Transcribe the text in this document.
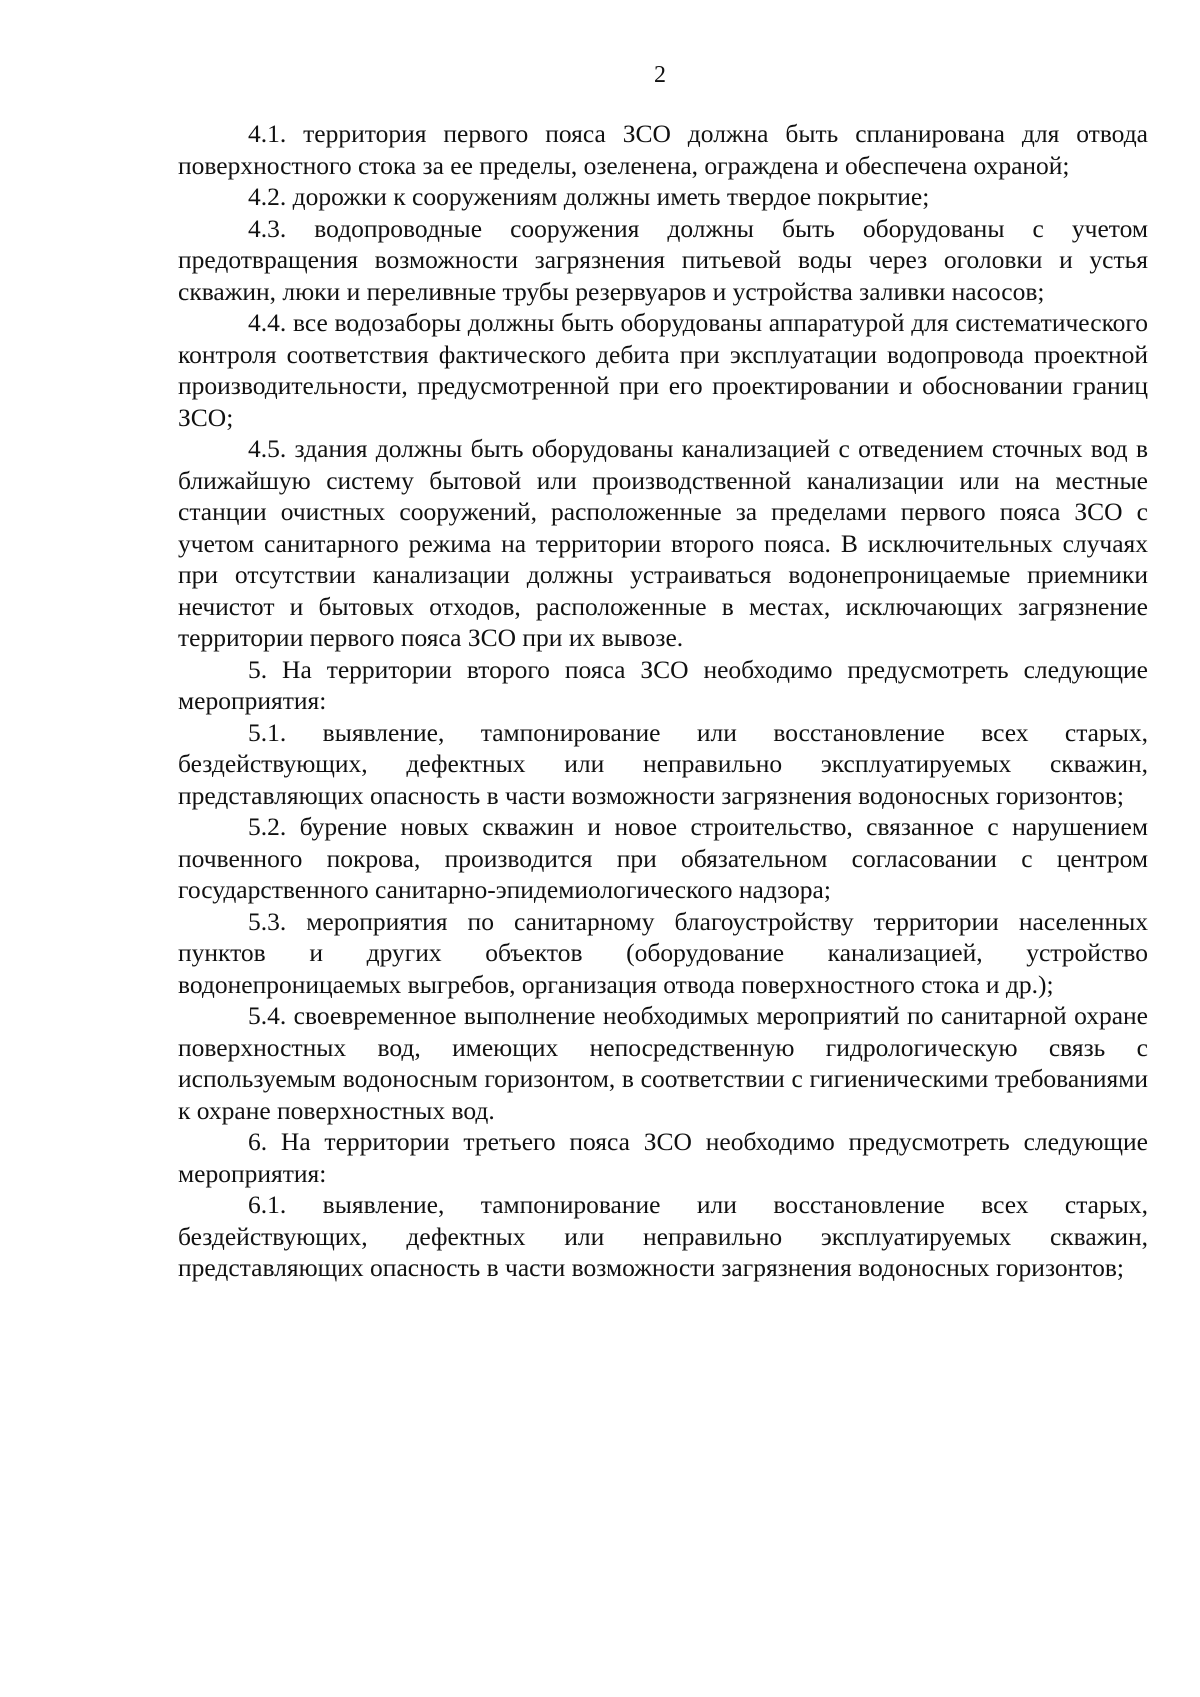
2

4.1. территория первого пояса ЗСО должна быть спланирована для отвода поверхностного стока за ее пределы, озеленена, ограждена и обеспечена охраной;

4.2. дорожки к сооружениям должны иметь твердое покрытие;

4.3. водопроводные сооружения должны быть оборудованы с учетом предотвращения возможности загрязнения питьевой воды через оголовки и устья скважин, люки и переливные трубы резервуаров и устройства заливки насосов;

4.4. все водозаборы должны быть оборудованы аппаратурой для систематического контроля соответствия фактического дебита при эксплуатации водопровода проектной производительности, предусмотренной при его проектировании и обосновании границ ЗСО;

4.5. здания должны быть оборудованы канализацией с отведением сточных вод в ближайшую систему бытовой или производственной канализации или на местные станции очистных сооружений, расположенные за пределами первого пояса ЗСО с учетом санитарного режима на территории второго пояса. В исключительных случаях при отсутствии канализации должны устраиваться водонепроницаемые приемники нечистот и бытовых отходов, расположенные в местах, исключающих загрязнение территории первого пояса ЗСО при их вывозе.

5. На территории второго пояса ЗСО необходимо предусмотреть следующие мероприятия:

5.1. выявление, тампонирование или восстановление всех старых, бездействующих, дефектных или неправильно эксплуатируемых скважин, представляющих опасность в части возможности загрязнения водоносных горизонтов;

5.2. бурение новых скважин и новое строительство, связанное с нарушением почвенного покрова, производится при обязательном согласовании с центром государственного санитарно-эпидемиологического надзора;

5.3. мероприятия по санитарному благоустройству территории населенных пунктов и других объектов (оборудование канализацией, устройство водонепроницаемых выгребов, организация отвода поверхностного стока и др.);

5.4. своевременное выполнение необходимых мероприятий по санитарной охране поверхностных вод, имеющих непосредственную гидрологическую связь с используемым водоносным горизонтом, в соответствии с гигиеническими требованиями к охране поверхностных вод.

6. На территории третьего пояса ЗСО необходимо предусмотреть следующие мероприятия:

6.1. выявление, тампонирование или восстановление всех старых, бездействующих, дефектных или неправильно эксплуатируемых скважин, представляющих опасность в части возможности загрязнения водоносных горизонтов;
